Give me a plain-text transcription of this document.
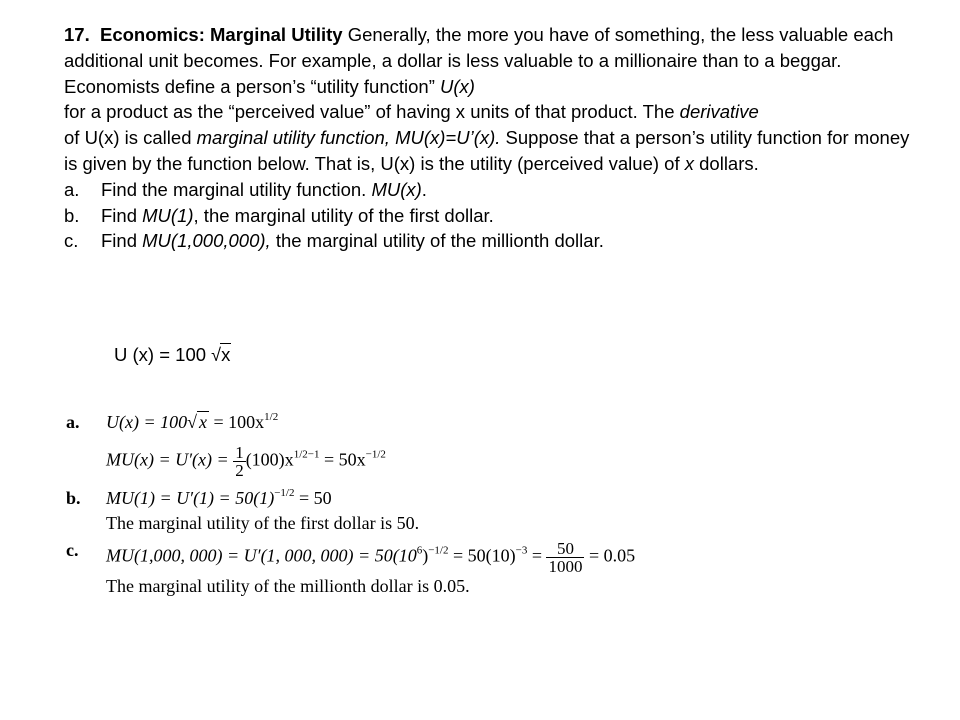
17. Economics: Marginal Utility Generally, the more you have of something, the less valuable each additional unit becomes. For example, a dollar is less valuable to a millionaire than to a beggar. Economists define a person’s “utility function” U(x)
for a product as the “perceived value” of having x units of that product. The derivative
of U(x) is called marginal utility function, MU(x)=U’(x). Suppose that a person’s utility function for money is given by the function below. That is, U(x) is the utility (perceived value) of x dollars.

a.	Find the marginal utility function. MU(x).
b.	Find MU(1), the marginal utility of the first dollar.
c.	Find MU(1,000,000), the marginal utility of the millionth dollar.
U (x) = 100 √x
a. U(x) = 100√ $x = 100x^{1/2}$
$MU(x) = U'(x) = \frac{1}{2} (100)x^{1/2-1} = 50x^{-1/2}$
b. $MU(1) = U'(1) = 50(1)^{-1/2} = 50$
The marginal utility of the first dollar is 50.
c. MU(1,000, 000) = U′(1, 000, $000) = 50(10^6)^{-1/2} = 50(10)^{-3} = \frac{50}{1000} = 0.05$
The marginal utility of the millionth dollar is 0.05.
